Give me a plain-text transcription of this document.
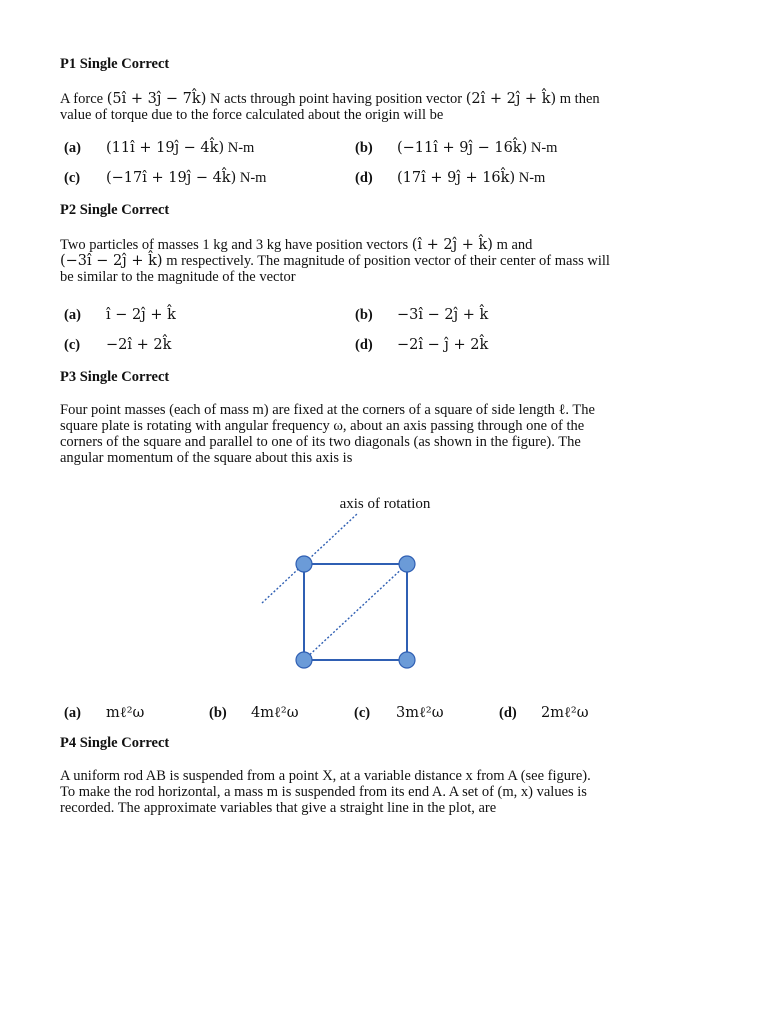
P1 Single Correct

A force (5î + 3ĵ − 7k̂) N acts through point having position vector (2î + 2ĵ + k̂) m then
value of torque due to the force calculated about the origin will be

(a) (11î + 19ĵ − 4k̂) N-m	(b) (−11î + 9ĵ − 16k̂) N-m
(c) (−17î + 19ĵ − 4k̂) N-m	(d) (17î + 9ĵ + 16k̂) N-m

P2 Single Correct

Two particles of masses 1 kg and 3 kg have position vectors (î + 2ĵ + k̂) m and
(−3î − 2ĵ + k̂) m respectively. The magnitude of position vector of their center of mass will
be similar to the magnitude of the vector

(a) î − 2ĵ + k̂	(b) −3î − 2ĵ + k̂
(c) −2î + 2k̂	(d) −2î − ĵ + 2k̂

P3 Single Correct

Four point masses (each of mass m) are fixed at the corners of a square of side length ℓ. The
square plate is rotating with angular frequency ω, about an axis passing through one of the
corners of the square and parallel to one of its two diagonals (as shown in the figure). The
angular momentum of the square about this axis is

axis of rotation
(a) mℓ²ω	(b) 4mℓ²ω	(c) 3mℓ²ω	(d) 2mℓ²ω

P4 Single Correct

A uniform rod AB is suspended from a point X, at a variable distance x from A (see figure).
To make the rod horizontal, a mass m is suspended from its end A. A set of (m, x) values is
recorded. The approximate variables that give a straight line in the plot, are
